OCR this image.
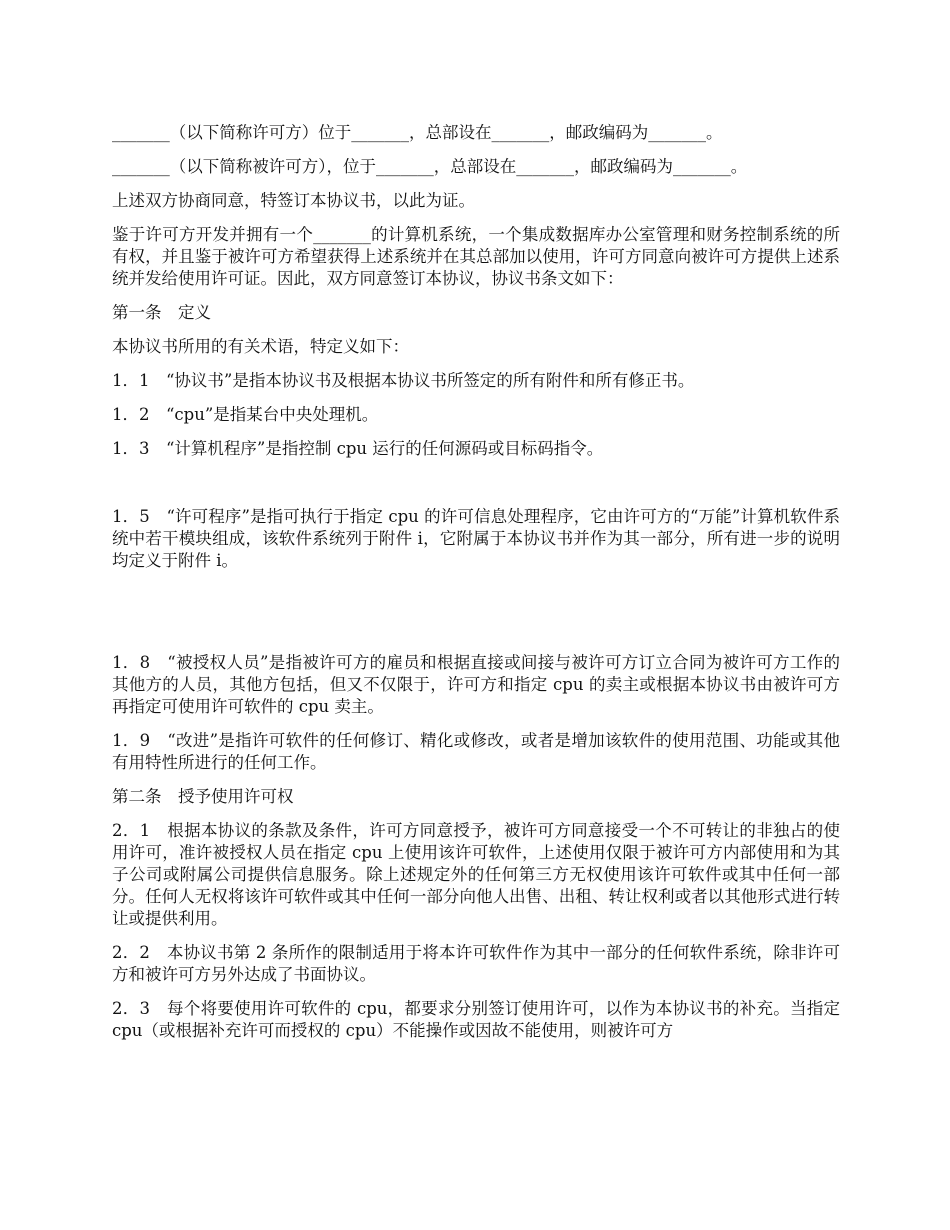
_______（以下简称许可方）位于_______，总部设在_______，邮政编码为_______。

_______（以下简称被许可方），位于_______，总部设在_______，邮政编码为_______。

上述双方协商同意，特签订本协议书，以此为证。

鉴于许可方开发并拥有一个_______的计算机系统，一个集成数据库办公室管理和财务控制系统的所有权，并且鉴于被许可方希望获得上述系统并在其总部加以使用，许可方同意向被许可方提供上述系统并发给使用许可证。因此，双方同意签订本协议，协议书条文如下：

第一条　定义

本协议书所用的有关术语，特定义如下：

1．1　“协议书”是指本协议书及根据本协议书所签定的所有附件和所有修正书。

1．2　“cpu”是指某台中央处理机。

1．3　“计算机程序”是指控制 cpu 运行的任何源码或目标码指令。

1．5　“许可程序”是指可执行于指定 cpu 的许可信息处理程序，它由许可方的“万能”计算机软件系统中若干模块组成，该软件系统列于附件 i，它附属于本协议书并作为其一部分，所有进一步的说明均定义于附件 i。

1．8　“被授权人员”是指被许可方的雇员和根据直接或间接与被许可方订立合同为被许可方工作的其他方的人员，其他方包括，但又不仅限于，许可方和指定 cpu 的卖主或根据本协议书由被许可方再指定可使用许可软件的 cpu 卖主。

1．9　“改进”是指许可软件的任何修订、精化或修改，或者是增加该软件的使用范围、功能或其他有用特性所进行的任何工作。

第二条　授予使用许可权

2．1　根据本协议的条款及条件，许可方同意授予，被许可方同意接受一个不可转让的非独占的使用许可，准许被授权人员在指定 cpu 上使用该许可软件，上述使用仅限于被许可方内部使用和为其子公司或附属公司提供信息服务。除上述规定外的任何第三方无权使用该许可软件或其中任何一部分。任何人无权将该许可软件或其中任何一部分向他人出售、出租、转让权利或者以其他形式进行转让或提供利用。

2．2　本协议书第 2 条所作的限制适用于将本许可软件作为其中一部分的任何软件系统，除非许可方和被许可方另外达成了书面协议。

2．3　每个将要使用许可软件的 cpu，都要求分别签订使用许可，以作为本协议书的补充。当指定 cpu（或根据补充许可而授权的 cpu）不能操作或因故不能使用，则被许可方
